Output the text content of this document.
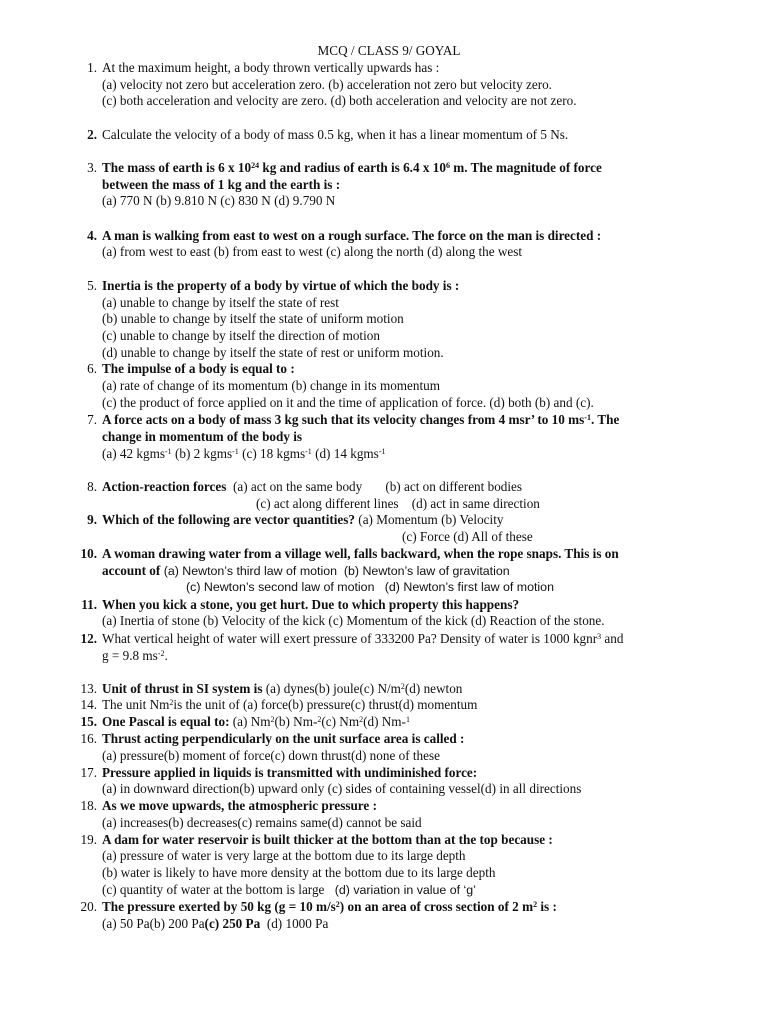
MCQ / CLASS 9/ GOYAL
1. At the maximum height, a body thrown vertically upwards has :
(a) velocity not zero but acceleration zero. (b) acceleration not zero but velocity zero.
(c) both acceleration and velocity are zero. (d) both acceleration and velocity are not zero.
2. Calculate the velocity of a body of mass 0.5 kg, when it has a linear momentum of 5 Ns.
3. The mass of earth is 6 x $10^{24}$ kg and radius of earth is 6.4 x $10^6$ m. The magnitude of force
between the mass of 1 kg and the earth is :
(a) 770 N (b) 9.810 N (c) 830 N (d) 9.790 N
4. A man is walking from east to west on a rough surface. The force on the man is directed :
(a) from west to east (b) from east to west (c) along the north (d) along the west
5. Inertia is the property of a body by virtue of which the body is :
(a) unable to change by itself the state of rest
(b) unable to change by itself the state of uniform motion
(c) unable to change by itself the direction of motion
(d) unable to change by itself the state of rest or uniform motion.
6. The impulse of a body is equal to :
(a) rate of change of its momentum (b) change in its momentum
(c) the product of force applied on it and the time of application of force. (d) both (b) and (c).
7. A force acts on a body of mass 3 kg such that its velocity changes from 4 msr’ to 10 $ms^{-1}$. The
change in momentum of the body is
(a) 42 kgms$^{-1}$ (b) 2 kgms$^{-1}$ (c) 18 kgms$^{-1}$ (d) 14 kgms$^{-1}$
8. Action-reaction forces  (a) act on the same body       (b) act on different bodies
(c) act along different lines    (d) act in same direction
9. Which of the following are vector quantities? (a) Momentum (b) Velocity
(c) Force (d) All of these
10. A woman drawing water from a village well, falls backward, when the rope snaps. This is on
account of (a) Newton’s third law of motion  (b) Newton’s law of gravitation
(c) Newton’s second law of motion   (d) Newton’s first law of motion
11. When you kick a stone, you get hurt. Due to which property this happens?
(a) Inertia of stone (b) Velocity of the kick (c) Momentum of the kick (d) Reaction of the stone.
12. What vertical height of water will exert pressure of 333200 Pa? Density of water is 1000 kgnr$^3$ and
g = 9.8 $ms^{-2}$.
13. Unit of thrust in SI system is (a) dynes(b) joule(c) $N/m^2(d)$ newton
14. The unit Nm$^2$is the unit of (a) force(b) pressure(c) thrust(d) momentum
15. One Pascal is equal to: (a) Nm$^2$(b) Nm-$^2$(c) Nm$^2$(d) Nm-$^1$
16. Thrust acting perpendicularly on the unit surface area is called :
(a) pressure(b) moment of force(c) down thrust(d) none of these
17. Pressure applied in liquids is transmitted with undiminished force:
(a) in downward direction(b) upward only (c) sides of containing vessel(d) in all directions
18. As we move upwards, the atmospheric pressure :
(a) increases(b) decreases(c) remains same(d) cannot be said
19. A dam for water reservoir is built thicker at the bottom than at the top because :
(a) pressure of water is very large at the bottom due to its large depth
(b) water is likely to have more density at the bottom due to its large depth
(c) quantity of water at the bottom is large   (d) variation in value of ‘g’
20. The pressure exerted by 50 kg (g = 10 $m/s^2$) on an area of cross section of 2 $m^2$ is :
(a) 50 Pa(b) 200 Pa(c) 250 Pa  (d) 1000 Pa
